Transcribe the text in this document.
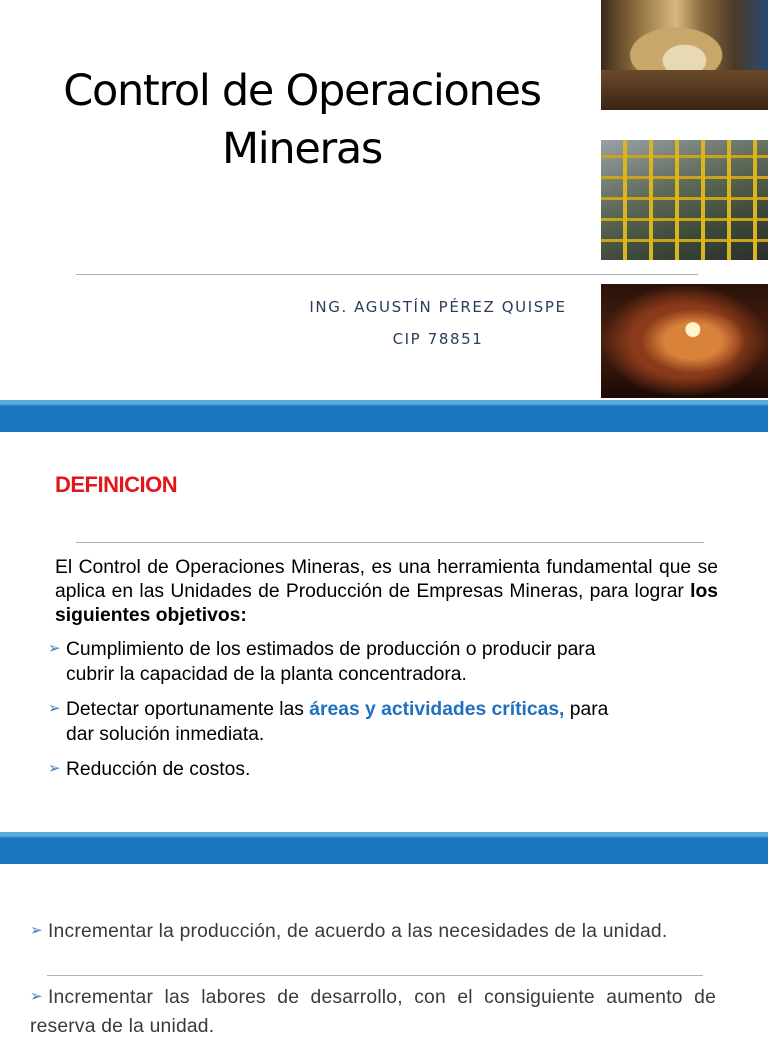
Control de Operaciones
Mineras
ING. AGUSTÍN PÉREZ QUISPE
CIP 78851
DEFINICION
El Control de Operaciones Mineras, es una herramienta fundamental que se aplica en las Unidades de Producción de Empresas Mineras, para lograr los siguientes objetivos:
➢ Cumplimiento de los estimados de producción o producir para
cubrir la capacidad de la planta concentradora.
➢ Detectar oportunamente las áreas y actividades críticas, para
dar solución inmediata.
➢ Reducción de costos.
➢ Incrementar la producción, de acuerdo a las necesidades de la unidad.
➢ Incrementar las labores de desarrollo, con el consiguiente aumento de reserva de la unidad.
